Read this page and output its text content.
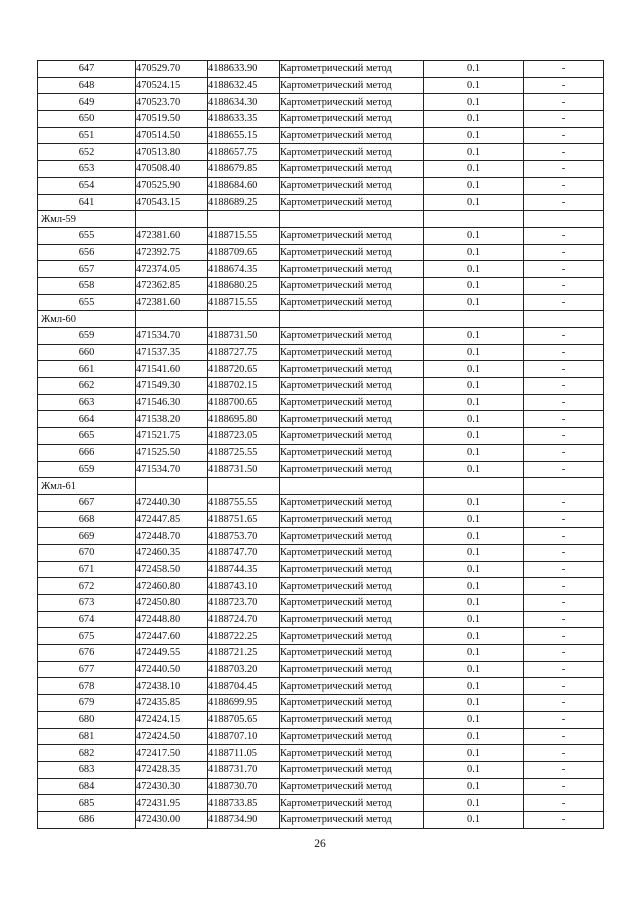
647	470529.70	4188633.90	Картометрический метод	0.1	-
648	470524.15	4188632.45	Картометрический метод	0.1	-
649	470523.70	4188634.30	Картометрический метод	0.1	-
650	470519.50	4188633.35	Картометрический метод	0.1	-
651	470514.50	4188655.15	Картометрический метод	0.1	-
652	470513.80	4188657.75	Картометрический метод	0.1	-
653	470508.40	4188679.85	Картометрический метод	0.1	-
654	470525.90	4188684.60	Картометрический метод	0.1	-
641	470543.15	4188689.25	Картометрический метод	0.1	-
Жмл-59					
655	472381.60	4188715.55	Картометрический метод	0.1	-
656	472392.75	4188709.65	Картометрический метод	0.1	-
657	472374.05	4188674.35	Картометрический метод	0.1	-
658	472362.85	4188680.25	Картометрический метод	0.1	-
655	472381.60	4188715.55	Картометрический метод	0.1	-
Жмл-60					
659	471534.70	4188731.50	Картометрический метод	0.1	-
660	471537.35	4188727.75	Картометрический метод	0.1	-
661	471541.60	4188720.65	Картометрический метод	0.1	-
662	471549.30	4188702.15	Картометрический метод	0.1	-
663	471546.30	4188700.65	Картометрический метод	0.1	-
664	471538.20	4188695.80	Картометрический метод	0.1	-
665	471521.75	4188723.05	Картометрический метод	0.1	-
666	471525.50	4188725.55	Картометрический метод	0.1	-
659	471534.70	4188731.50	Картометрический метод	0.1	-
Жмл-61					
667	472440.30	4188755.55	Картометрический метод	0.1	-
668	472447.85	4188751.65	Картометрический метод	0.1	-
669	472448.70	4188753.70	Картометрический метод	0.1	-
670	472460.35	4188747.70	Картометрический метод	0.1	-
671	472458.50	4188744.35	Картометрический метод	0.1	-
672	472460.80	4188743.10	Картометрический метод	0.1	-
673	472450.80	4188723.70	Картометрический метод	0.1	-
674	472448.80	4188724.70	Картометрический метод	0.1	-
675	472447.60	4188722.25	Картометрический метод	0.1	-
676	472449.55	4188721.25	Картометрический метод	0.1	-
677	472440.50	4188703.20	Картометрический метод	0.1	-
678	472438.10	4188704.45	Картометрический метод	0.1	-
679	472435.85	4188699.95	Картометрический метод	0.1	-
680	472424.15	4188705.65	Картометрический метод	0.1	-
681	472424.50	4188707.10	Картометрический метод	0.1	-
682	472417.50	4188711.05	Картометрический метод	0.1	-
683	472428.35	4188731.70	Картометрический метод	0.1	-
684	472430.30	4188730.70	Картометрический метод	0.1	-
685	472431.95	4188733.85	Картометрический метод	0.1	-
686	472430.00	4188734.90	Картометрический метод	0.1	-
26
